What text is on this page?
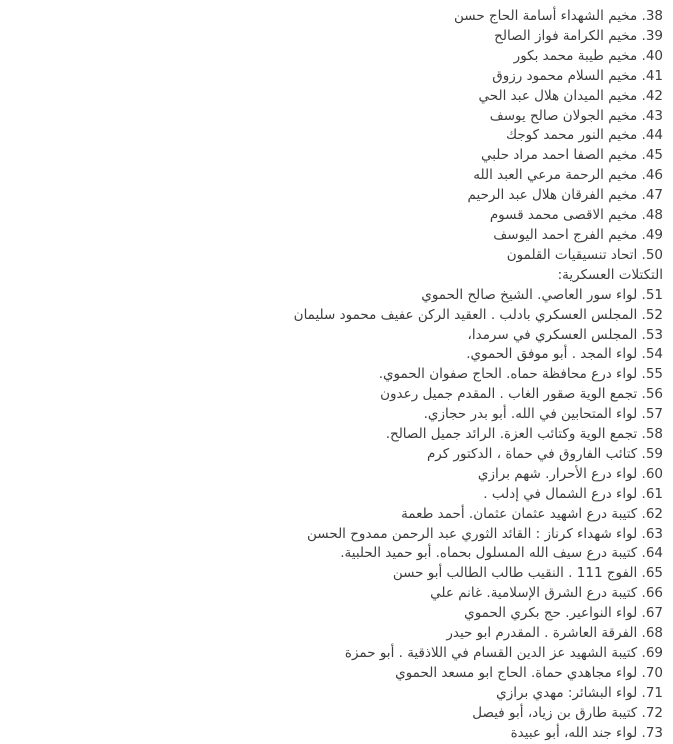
38. مخيم الشهداء أسامة الحاج حسن
39. مخيم الكرامة فواز الصالح
40. مخيم طيبة محمد بكور
41. مخيم السلام محمود رزوق
42. مخيم الميدان هلال عبد الحي
43. مخيم الجولان صالح يوسف
44. مخيم النور محمد كوجك
45. مخيم الصفا احمد مراد حلبي
46. مخيم الرحمة مرعي العبد الله
47. مخيم الفرقان هلال عبد الرحيم
48. مخيم الاقصى محمد قسوم
49. مخيم الفرج احمد اليوسف
50. اتحاد تنسيقيات القلمون
التكتلات العسكرية:
51. لواء سور العاصي. الشيخ صالح الحموي
52. المجلس العسكري بادلب . العقيد الركن عفيف محمود سليمان
53. المجلس العسكري في سرمدا،
54. لواء المجد . أبو موفق الحموي.
55. لواء درع محافظة حماه. الحاج صفوان الحموي.
56. تجمع الوية صقور الغاب . المقدم جميل رعدون
57. لواء المتحابين في الله. أبو بدر حجازي.
58. تجمع الوية وكتائب العزة. الرائد جميل الصالح.
59. كتائب الفاروق في حماة ، الدكتور كرم
60. لواء درع الأحرار. شهم برازي
61. لواء درع الشمال في إدلب .
62. كتيبة درع اشهيد عثمان عثمان. أحمد طعمة
63. لواء شهداء كرناز : القائد الثوري عبد الرحمن ممدوح الحسن
64. كتيبة درع سيف الله المسلول بحماه. أبو حميد الحلبية.
65. الفوج 111 . النقيب طالب الطالب أبو حسن
66. كتيبة درع الشرق الإسلامية. غانم علي
67. لواء النواعير. حج بكري الحموي
68. الفرقة العاشرة . المقدرم ابو حيدر
69. كتيبة الشهيد عز الدين القسام في اللاذقية . أبو حمزة
70. لواء مجاهدي حماة. الحاج ابو مسعد الحموي
71. لواء البشائر: مهدي برازي
72. كتيبة طارق بن زياد، أبو فيصل
73. لواء جند الله، أبو عبيدة
